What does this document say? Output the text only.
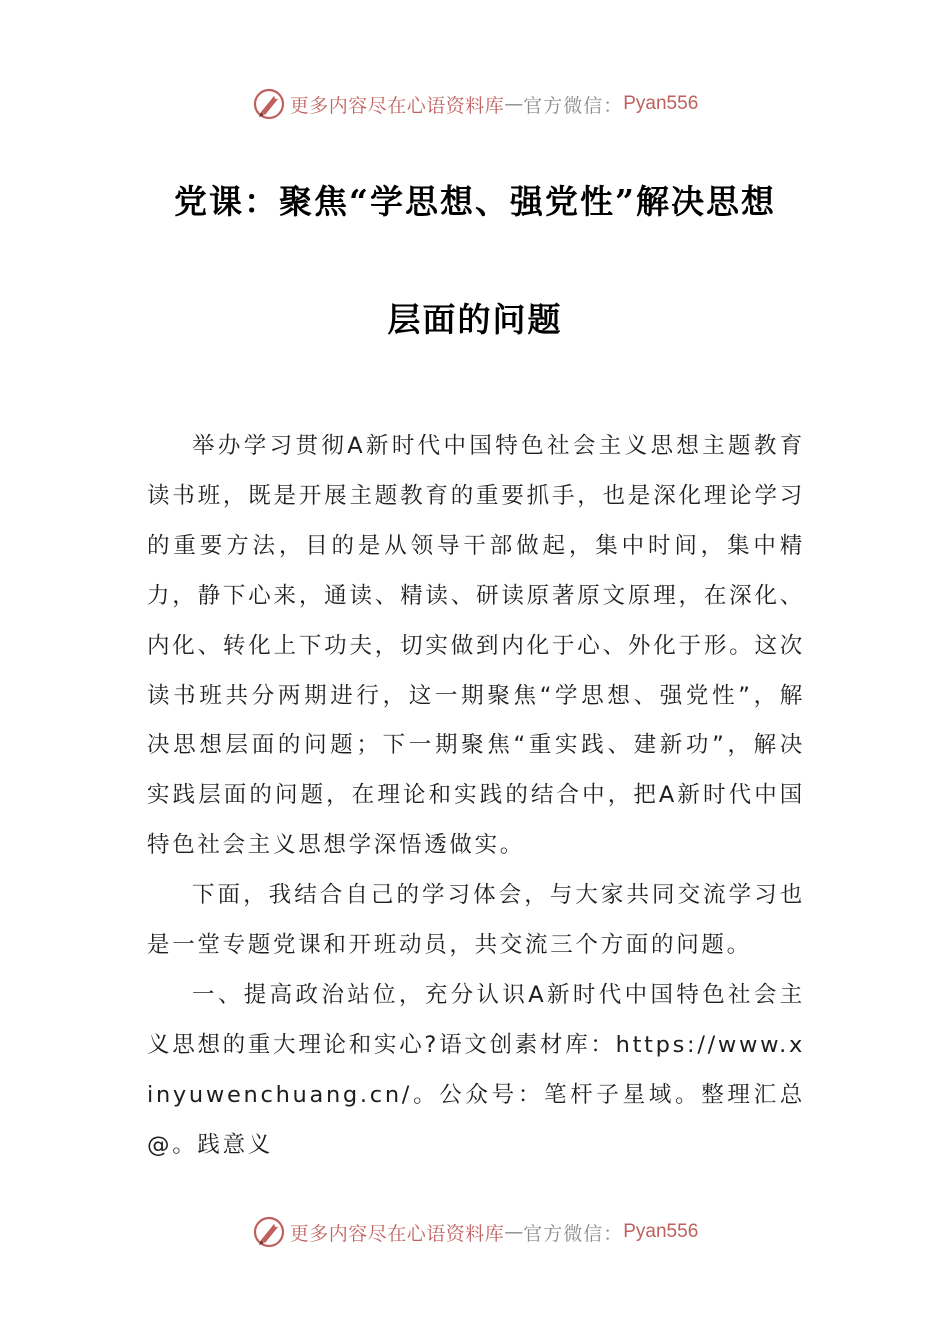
更多内容尽在心语资料库 — 官方微信： Pyan556
党课：聚焦“学思想、强党性”解决思想
层面的问题

举办学习贯彻A新时代中国特色社会主义思想主题教育读书班，既是开展主题教育的重要抓手，也是深化理论学习的重要方法，目的是从领导干部做起，集中时间，集中精力，静下心来，通读、精读、研读原著原文原理，在深化、内化、转化上下功夫，切实做到内化于心、外化于形。这次读书班共分两期进行，这一期聚焦“学思想、强党性”，解决思想层面的问题；下一期聚焦“重实践、建新功”，解决实践层面的问题，在理论和实践的结合中，把A新时代中国特色社会主义思想学深悟透做实。

下面，我结合自己的学习体会，与大家共同交流学习也是一堂专题党课和开班动员，共交流三个方面的问题。

一、提高政治站位，充分认识A新时代中国特色社会主义思想的重大理论和实心?语文创素材库：https://www.xinyuwenchuang.cn/。公众号：笔杆子星域。整理汇总@。践意义

更多内容尽在心语资料库 — 官方微信： Pyan556
